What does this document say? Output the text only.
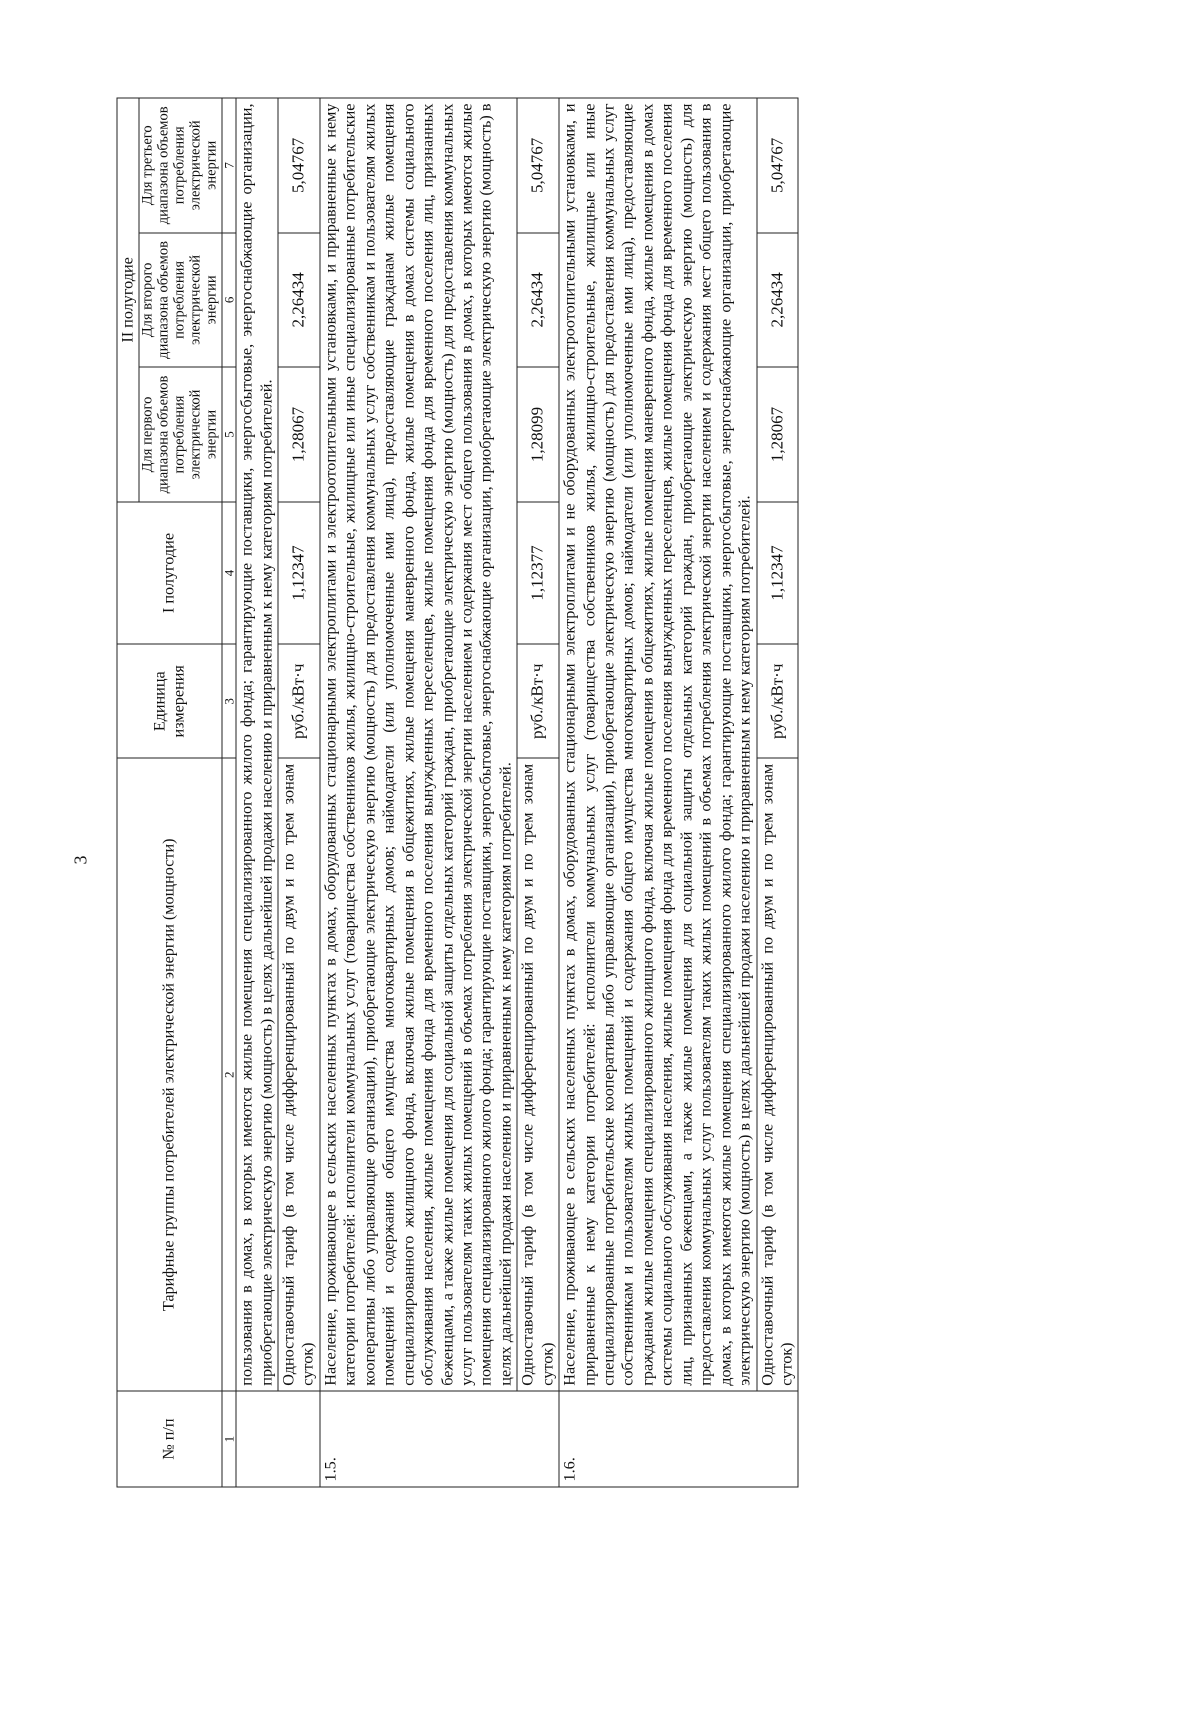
3
№ п/п	Тарифные группы потребителей электрической энергии (мощности)	Единица измерения	I полугодие	II полугодие		
				Для первого диапазона объемов потребления электрической энергии	Для второго диапазона объемов потребления электрической энергии	Для третьего диапазона объемов потребления электрической энергии
1	2	3	4	5	6	7
	пользования в домах, в которых имеются жилые помещения специализированного жилого фонда; гарантирующие поставщики, энергосбытовые, энергоснабжающие организации, приобретающие электрическую энергию (мощность) в целях дальнейшей продажи населению и приравненным к нему категориям потребителей.					
	Одноставочный тариф (в том числе дифференцированный по двум и по трем зонам суток)	руб./кВт·ч	1,12347	1,28067	2,26434	5,04767
1.5.	Население, проживающее в сельских населенных пунктах в домах, оборудованных стационарными электроплитами и электроотопительными установками, и приравненные к нему категории потребителей: исполнители коммунальных услуг (товарищества собственников жилья, жилищно-строительные, жилищные или иные специализированные потребительские кооперативы либо управляющие организации), приобретающие электрическую энергию (мощность) для предоставления коммунальных услуг собственникам и пользователям жилых помещений и содержания общего имущества многоквартирных домов; наймодатели (или уполномоченные ими лица), предоставляющие гражданам жилые помещения специализированного жилищного фонда, включая жилые помещения в общежитиях, жилые помещения маневренного фонда, жилые помещения в домах системы социального обслуживания населения, жилые помещения фонда для временного поселения вынужденных переселенцев, жилые помещения фонда для временного поселения лиц, признанных беженцами, а также жилые помещения для социальной защиты отдельных категорий граждан, приобретающие электрическую энергию (мощность) для предоставления коммунальных услуг пользователям таких жилых помещений в объемах потребления электрической энергии населением и содержания мест общего пользования в домах, в которых имеются жилые помещения специализированного жилого фонда; гарантирующие поставщики, энергосбытовые, энергоснабжающие организации, приобретающие электрическую энергию (мощность) в целях дальнейшей продажи населению и приравненным к нему категориям потребителей.					
	Одноставочный тариф (в том числе дифференцированный по двум и по трем зонам суток)	руб./кВт·ч	1,12377	1,28099	2,26434	5,04767
1.6.	Население, проживающее в сельских населенных пунктах в домах, оборудованных стационарными электроплитами и не оборудованных электроотопительными установками, и приравненные к нему категории потребителей: исполнители коммунальных услуг (товарищества собственников жилья, жилищно-строительные, жилищные или иные специализированные потребительские кооперативы либо управляющие организации), приобретающие электрическую энергию (мощность) для предоставления коммунальных услуг собственникам и пользователям жилых помещений и содержания общего имущества многоквартирных домов; наймодатели (или уполномоченные ими лица), предоставляющие гражданам жилые помещения специализированного жилищного фонда, включая жилые помещения в общежитиях, жилые помещения маневренного фонда, жилые помещения в домах системы социального обслуживания населения, жилые помещения фонда для временного поселения вынужденных переселенцев, жилые помещения фонда для временного поселения лиц, признанных беженцами, а также жилые помещения для социальной защиты отдельных категорий граждан, приобретающие электрическую энергию (мощность) для предоставления коммунальных услуг пользователям таких жилых помещений в объемах потребления электрической энергии населением и содержания мест общего пользования в домах, в которых имеются жилые помещения специализированного жилого фонда; гарантирующие поставщики, энергосбытовые, энергоснабжающие организации, приобретающие электрическую энергию (мощность) в целях дальнейшей продажи населению и приравненным к нему категориям потребителей.					
	Одноставочный тариф (в том числе дифференцированный по двум и по трем зонам суток)	руб./кВт·ч	1,12347	1,28067	2,26434	5,04767
